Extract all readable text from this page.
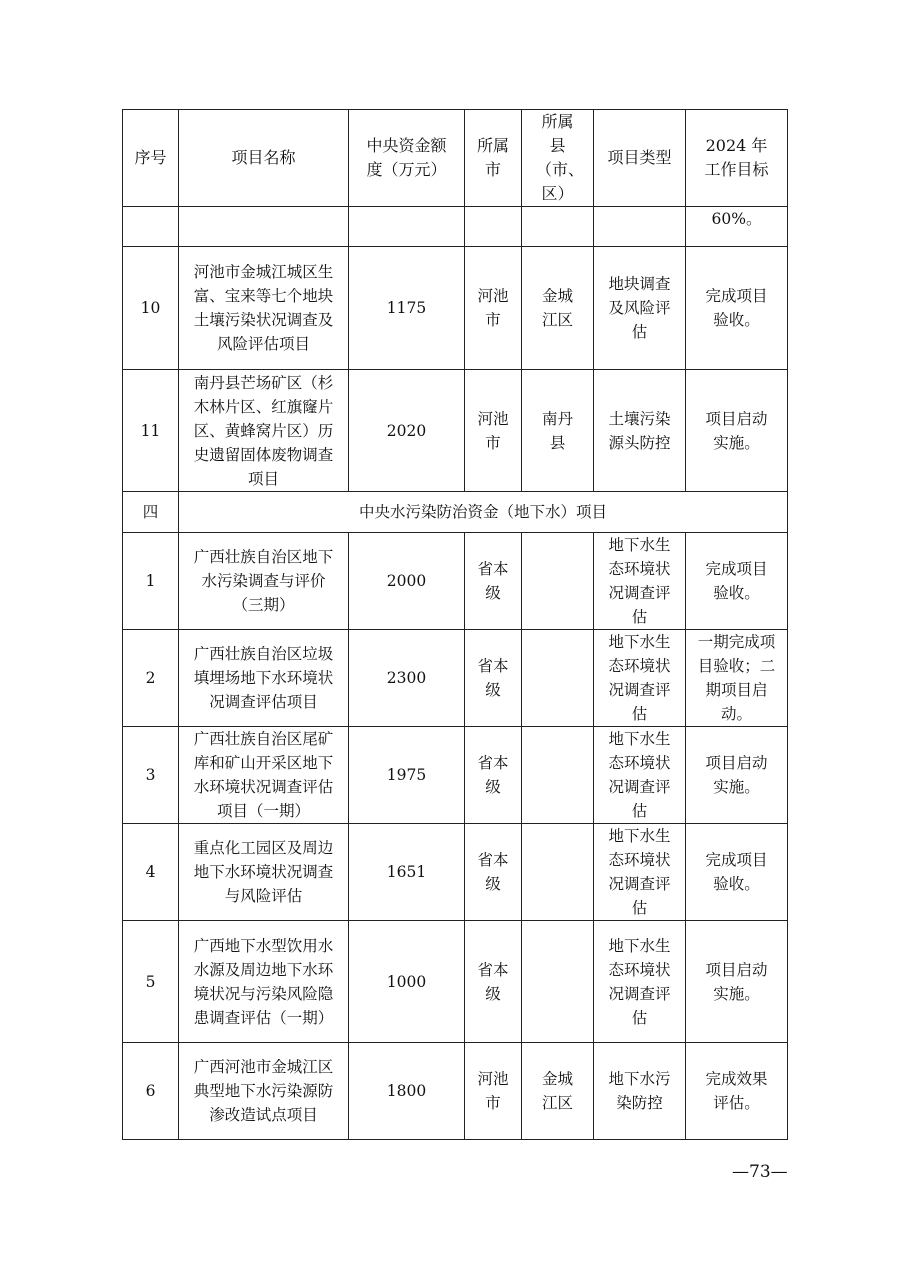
序号	项目名称	中央资金额度（万元）	所属市	所属县（市、区）	项目类型	2024 年工作目标
						60%。
10	河池市金城江城区生富、宝来等七个地块土壤污染状况调查及风险评估项目	1175	河池市	金城江区	地块调查及风险评估	完成项目验收。
11	南丹县芒场矿区（杉木林片区、红旗窿片区、黄蜂窝片区）历史遗留固体废物调查项目	2020	河池市	南丹县	土壤污染源头防控	项目启动实施。
四	中央水污染防治资金（地下水）项目					
1	广西壮族自治区地下水污染调查与评价（三期）	2000	省本级		地下水生态环境状况调查评估	完成项目验收。
2	广西壮族自治区垃圾填埋场地下水环境状况调查评估项目	2300	省本级		地下水生态环境状况调查评估	一期完成项目验收；二期项目启动。
3	广西壮族自治区尾矿库和矿山开采区地下水环境状况调查评估项目（一期）	1975	省本级		地下水生态环境状况调查评估	项目启动实施。
4	重点化工园区及周边地下水环境状况调查与风险评估	1651	省本级		地下水生态环境状况调查评估	完成项目验收。
5	广西地下水型饮用水水源及周边地下水环境状况与污染风险隐患调查评估（一期）	1000	省本级		地下水生态环境状况调查评估	项目启动实施。
6	广西河池市金城江区典型地下水污染源防渗改造试点项目	1800	河池市	金城江区	地下水污染防控	完成效果评估。
—73—
